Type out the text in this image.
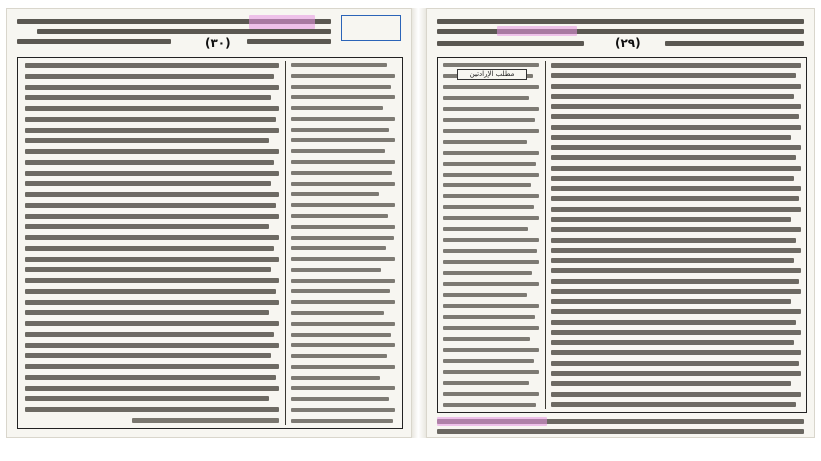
(٣٠)	(٢٩)
مطلب الإرادتين
